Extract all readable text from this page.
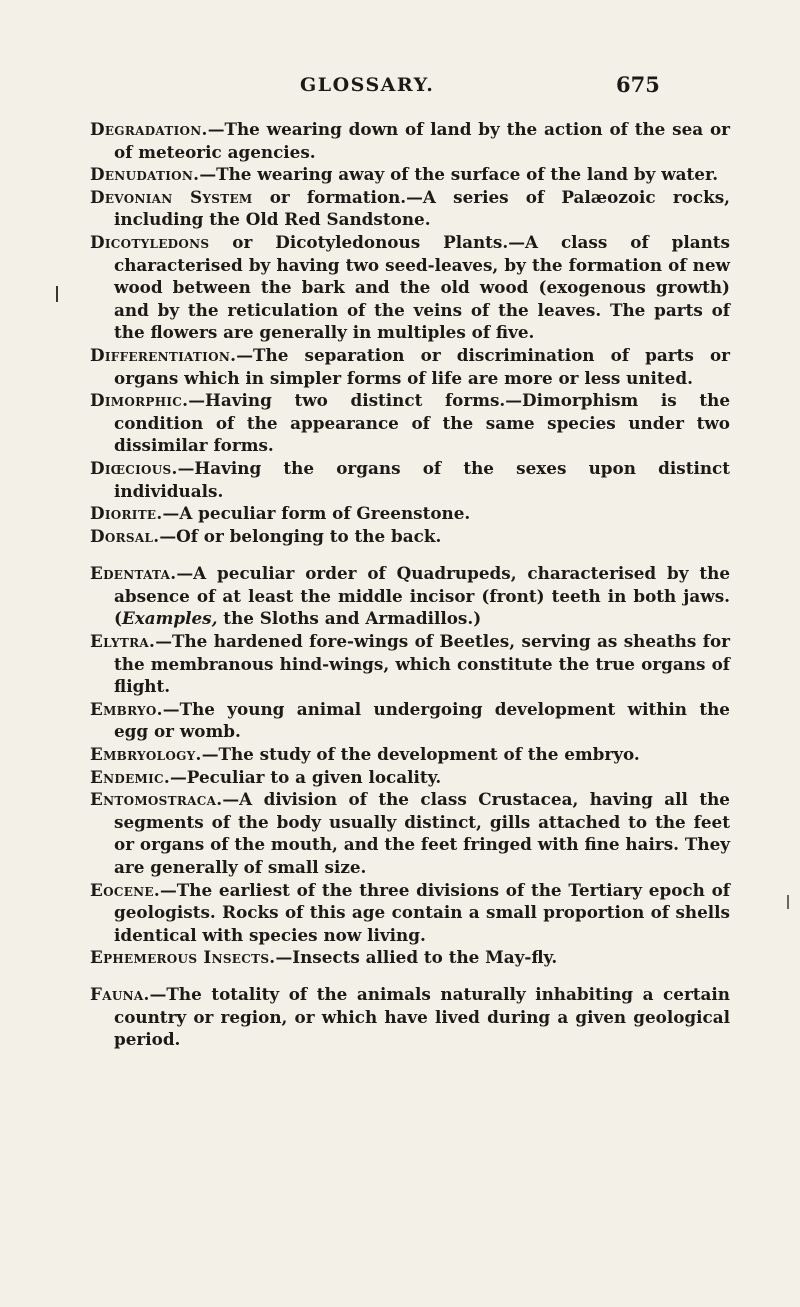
GLOSSARY.	675

Degradation.—The wearing down of land by the action of the sea or of meteoric agencies.

Denudation.—The wearing away of the surface of the land by water.

Devonian System or formation.—A series of Palæozoic rocks, including the Old Red Sandstone.

Dicotyledons or Dicotyledonous Plants.—A class of plants characterised by having two seed-leaves, by the formation of new wood between the bark and the old wood (exogenous growth) and by the reticulation of the veins of the leaves. The parts of the flowers are generally in multiples of five.

Differentiation.—The separation or discrimination of parts or organs which in simpler forms of life are more or less united.

Dimorphic.—Having two distinct forms.—Dimorphism is the condition of the appearance of the same species under two dissimilar forms.

Diœcious.—Having the organs of the sexes upon distinct individuals.

Diorite.—A peculiar form of Greenstone.

Dorsal.—Of or belonging to the back.

Edentata.—A peculiar order of Quadrupeds, characterised by the absence of at least the middle incisor (front) teeth in both jaws. (Examples, the Sloths and Armadillos.)

Elytra.—The hardened fore-wings of Beetles, serving as sheaths for the membranous hind-wings, which constitute the true organs of flight.

Embryo.—The young animal undergoing development within the egg or womb.

Embryology.—The study of the development of the embryo.

Endemic.—Peculiar to a given locality.

Entomostraca.—A division of the class Crustacea, having all the segments of the body usually distinct, gills attached to the feet or organs of the mouth, and the feet fringed with fine hairs. They are generally of small size.

Eocene.—The earliest of the three divisions of the Tertiary epoch of geologists. Rocks of this age contain a small proportion of shells identical with species now living.

Ephemerous Insects.—Insects allied to the May-fly.

Fauna.—The totality of the animals naturally inhabiting a certain country or region, or which have lived during a given geological period.
